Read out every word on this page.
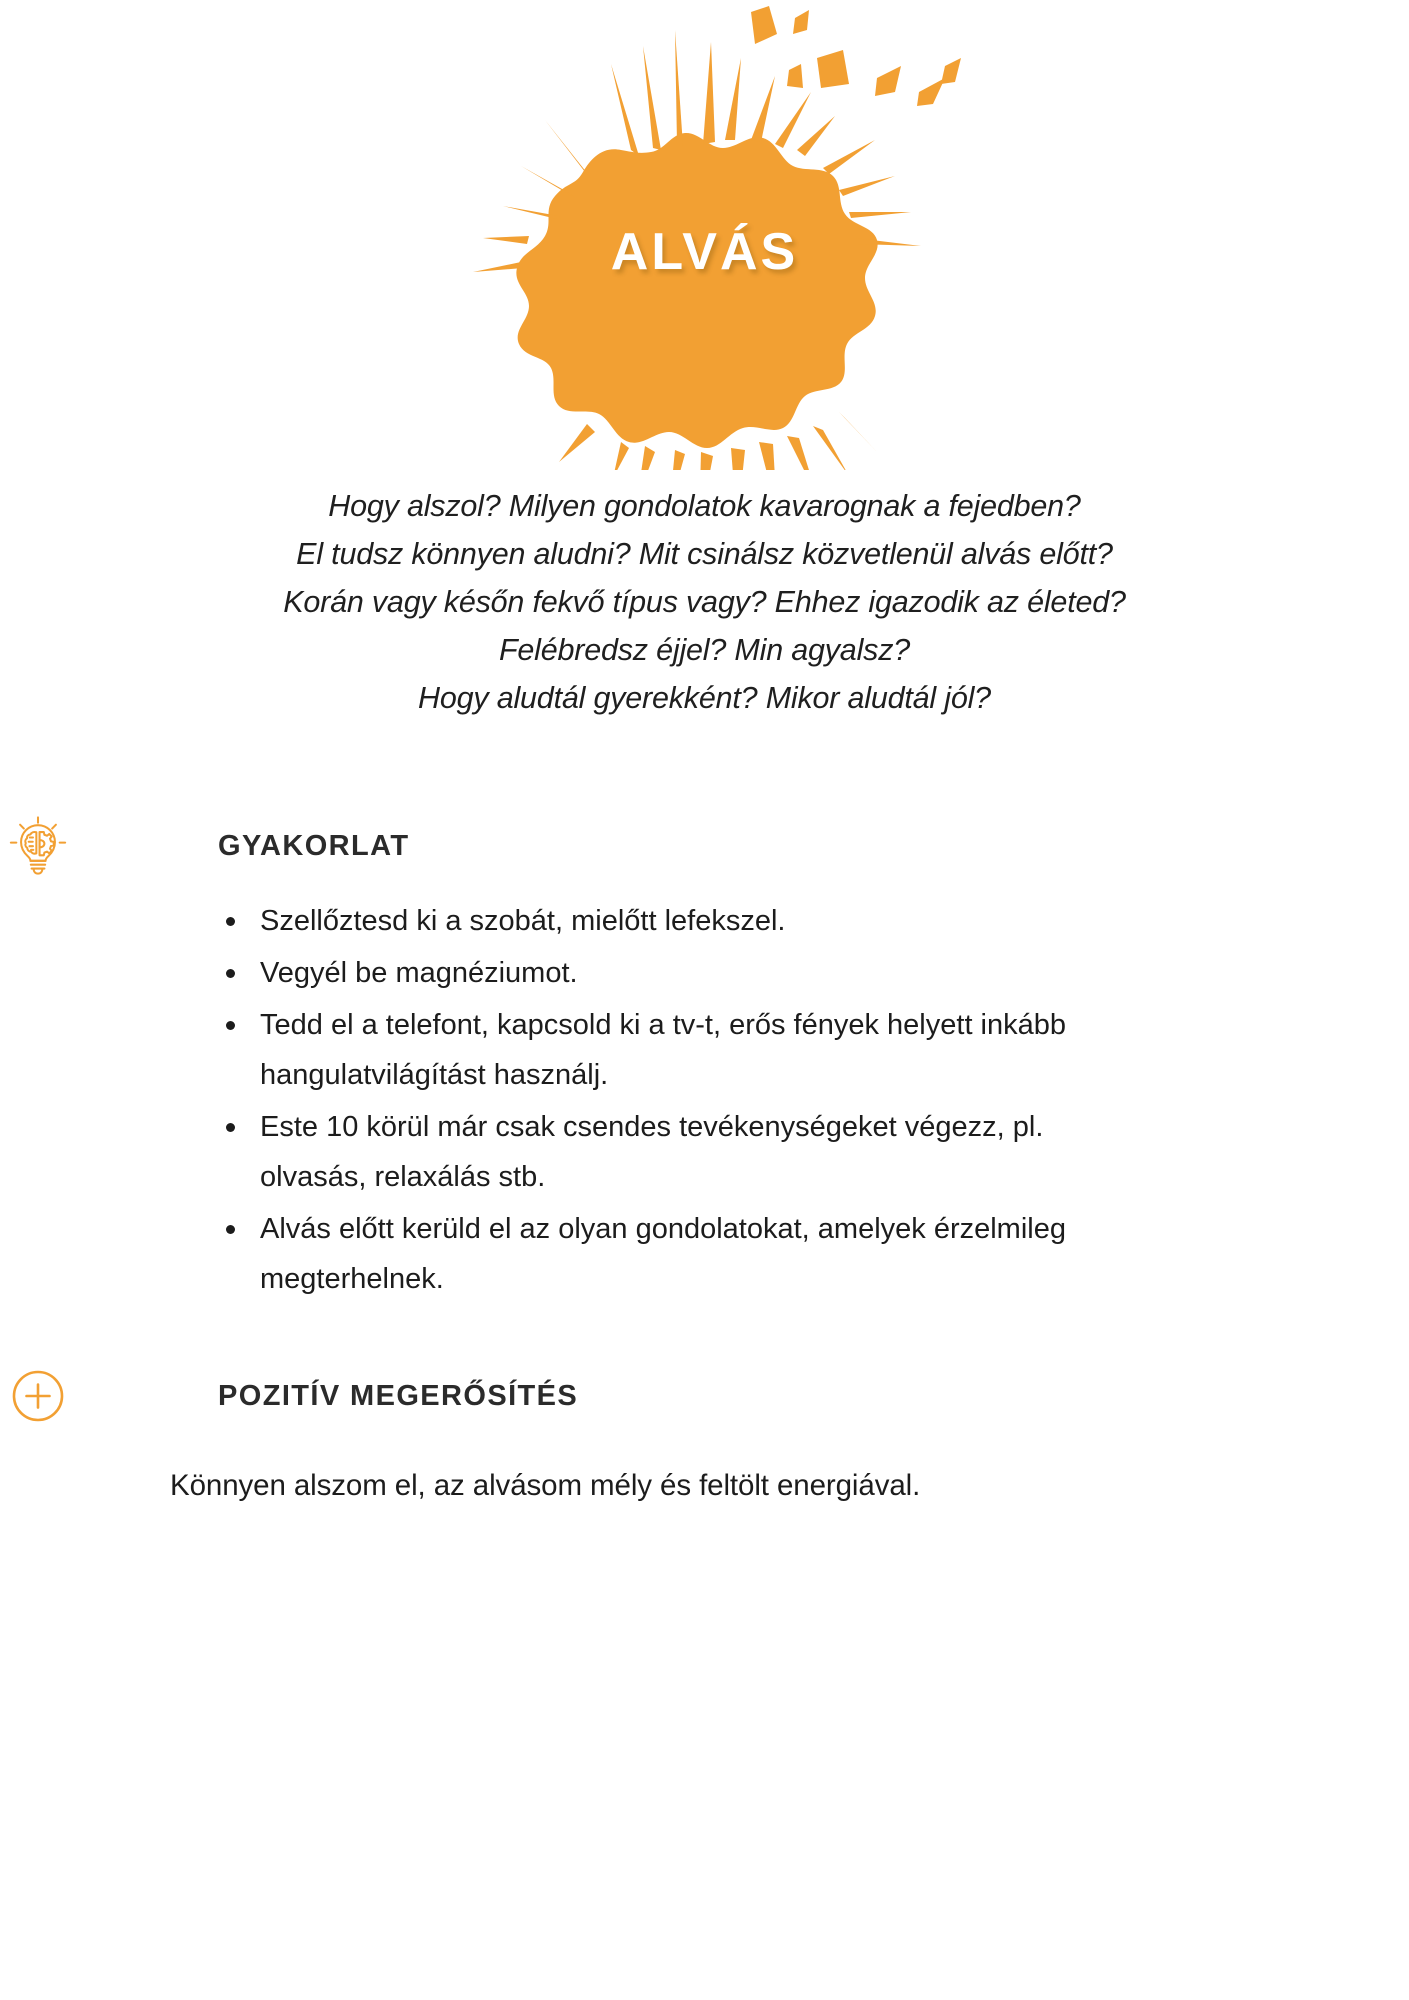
ALVÁS

Hogy alszol? Milyen gondolatok kavarognak a fejedben?

El tudsz könnyen aludni? Mit csinálsz közvetlenül alvás előtt?

Korán vagy későn fekvő típus vagy? Ehhez igazodik az életed?

Felébredsz éjjel? Min agyalsz?

Hogy aludtál gyerekként? Mikor aludtál jól?

GYAKORLAT
Szellőztesd ki a szobát, mielőtt lefekszel.
Vegyél be magnéziumot.
Tedd el a telefont, kapcsold ki a tv-t, erős fények helyett inkább hangulatvilágítást használj.
Este 10 körül már csak csendes tevékenységeket végezz, pl. olvasás, relaxálás stb.
Alvás előtt kerüld el az olyan gondolatokat, amelyek érzelmileg megterhelnek.
POZITÍV MEGERŐSÍTÉS

Könnyen alszom el, az alvásom mély és feltölt energiával.
